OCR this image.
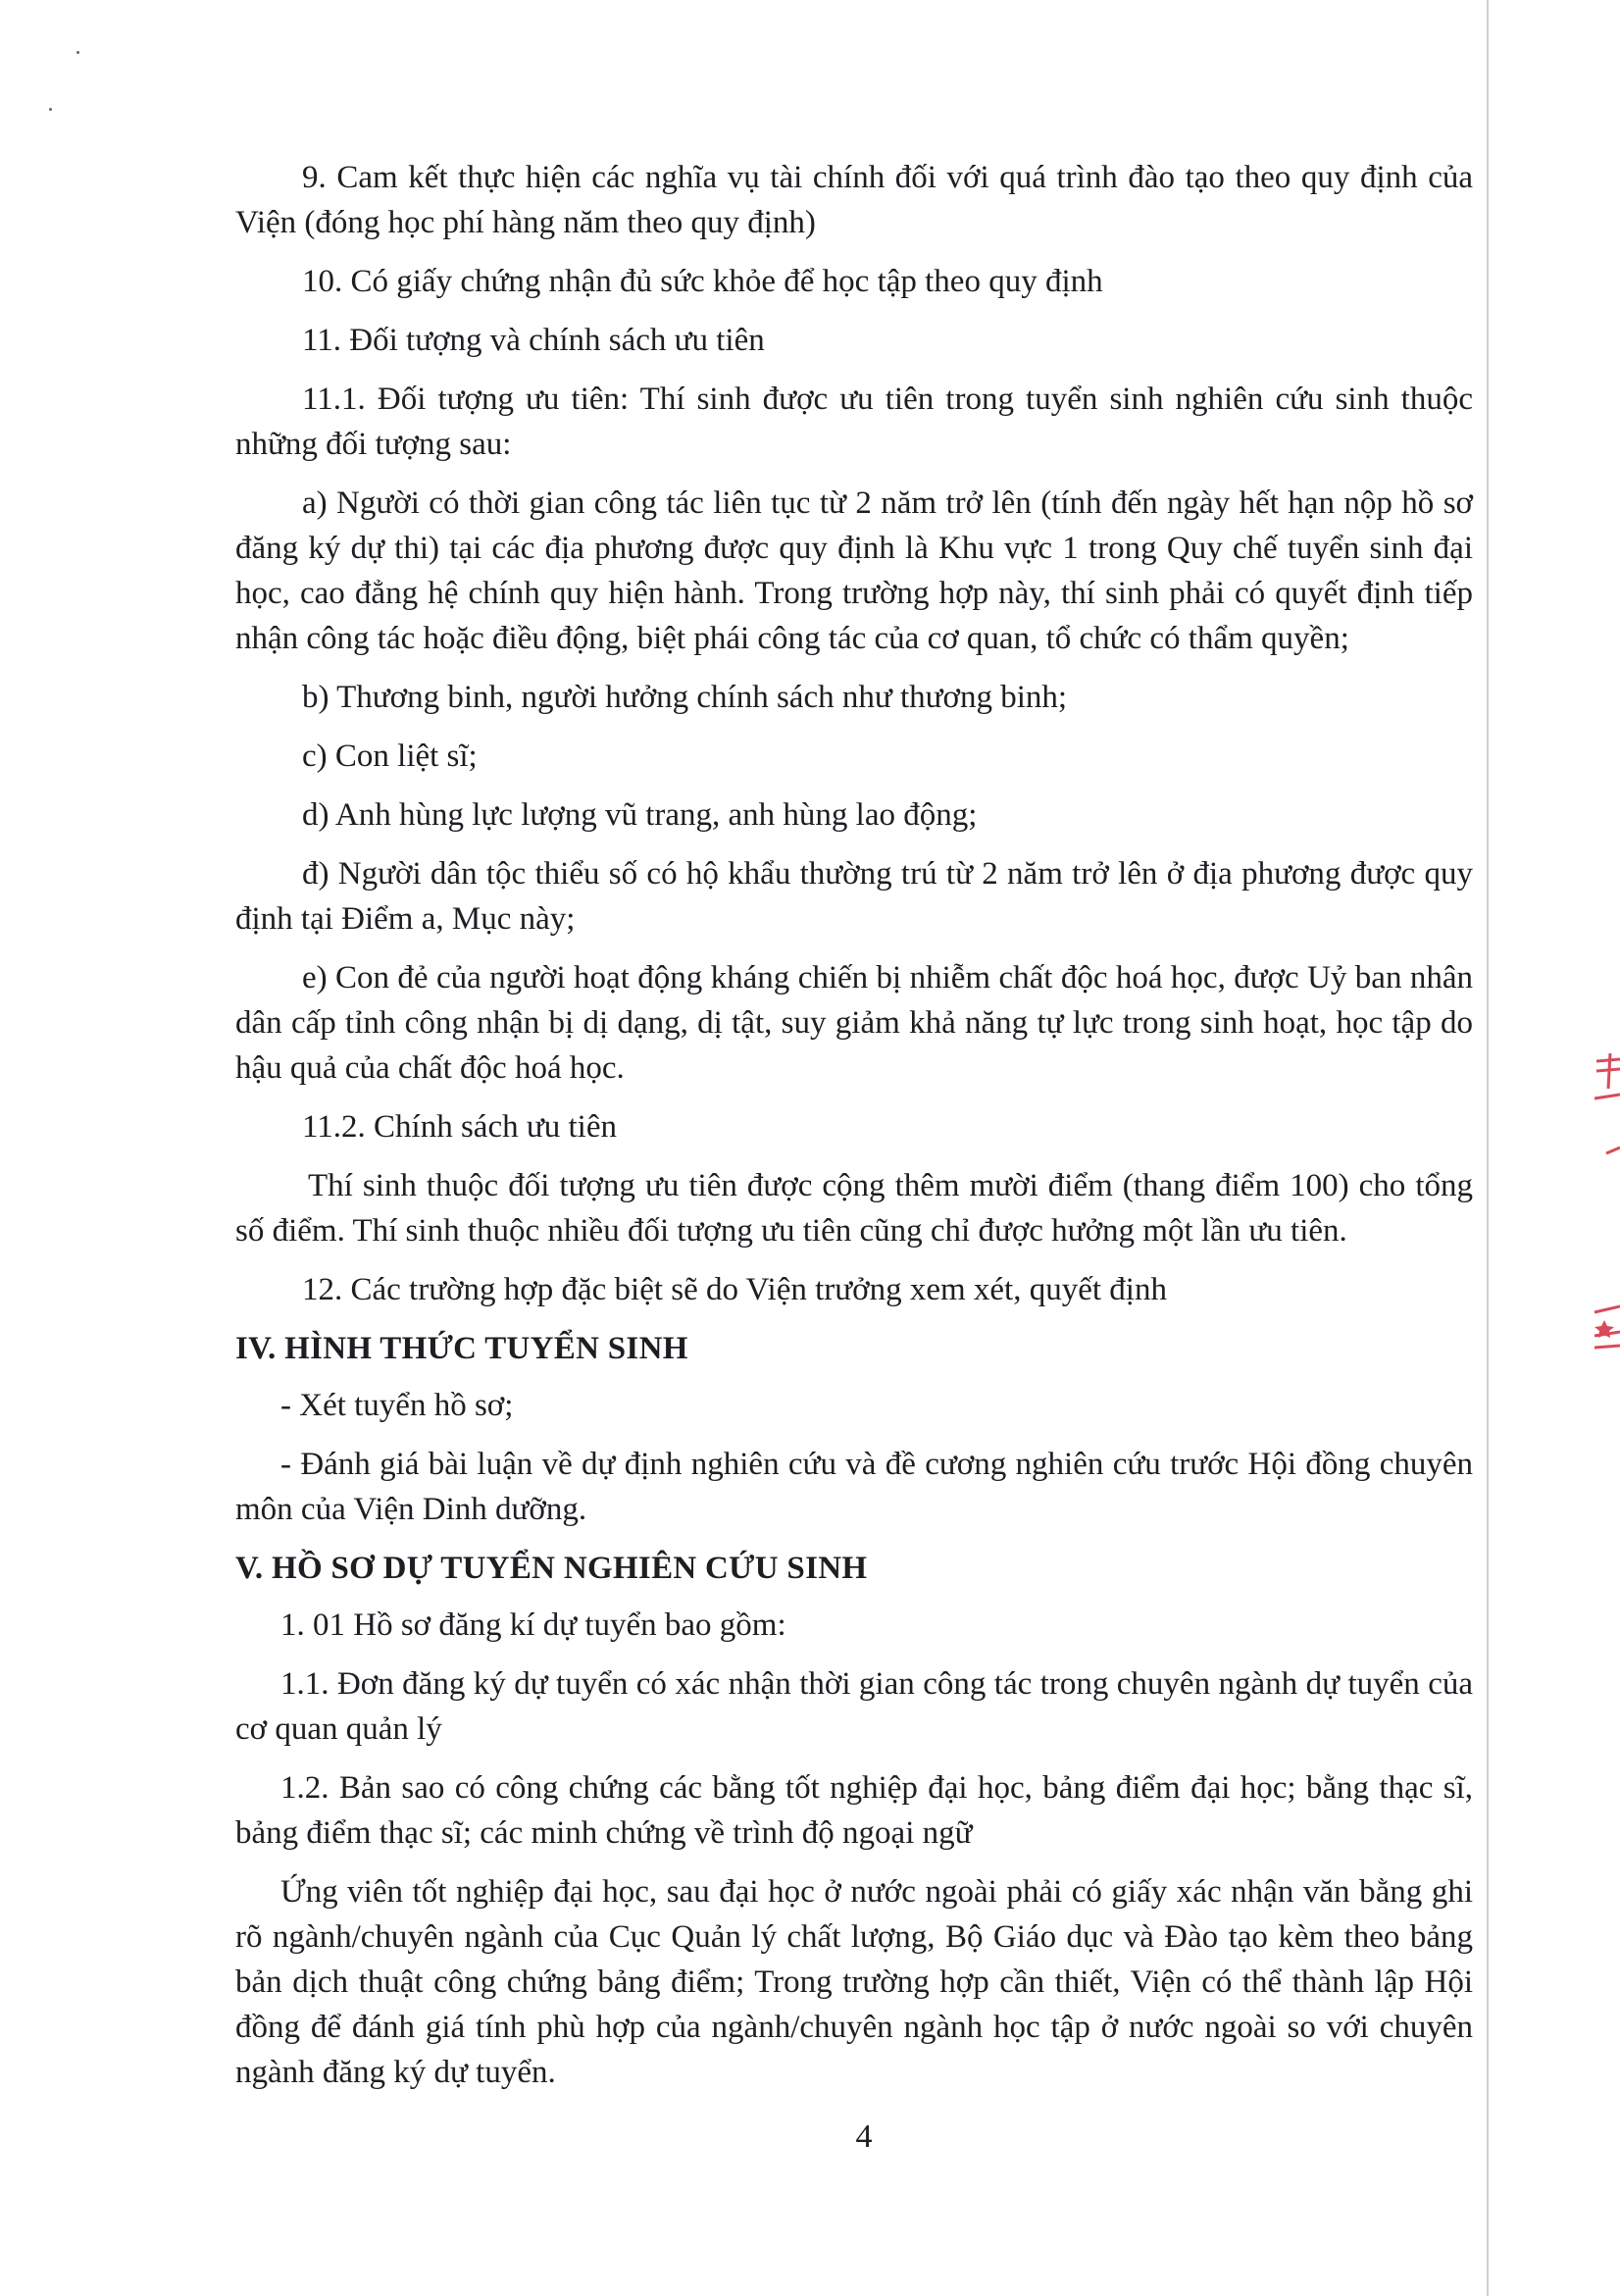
9. Cam kết thực hiện các nghĩa vụ tài chính đối với quá trình đào tạo theo quy định của Viện (đóng học phí hàng năm theo quy định)

10. Có giấy chứng nhận đủ sức khỏe để học tập theo quy định

11. Đối tượng và chính sách ưu tiên

11.1. Đối tượng ưu tiên: Thí sinh được ưu tiên trong tuyển sinh nghiên cứu sinh thuộc những đối tượng sau:

a) Người có thời gian công tác liên tục từ 2 năm trở lên (tính đến ngày hết hạn nộp hồ sơ đăng ký dự thi) tại các địa phương được quy định là Khu vực 1 trong Quy chế tuyển sinh đại học, cao đẳng hệ chính quy hiện hành. Trong trường hợp này, thí sinh phải có quyết định tiếp nhận công tác hoặc điều động, biệt phái công tác của cơ quan, tổ chức có thẩm quyền;

b) Thương binh, người hưởng chính sách như thương binh;

c) Con liệt sĩ;

d) Anh hùng lực lượng vũ trang, anh hùng lao động;

đ) Người dân tộc thiểu số có hộ khẩu thường trú từ 2 năm trở lên ở địa phương được quy định tại Điểm a, Mục này;

e) Con đẻ của người hoạt động kháng chiến bị nhiễm chất độc hoá học, được Uỷ ban nhân dân cấp tỉnh công nhận bị dị dạng, dị tật, suy giảm khả năng tự lực trong sinh hoạt, học tập do hậu quả của chất độc hoá học.

11.2. Chính sách ưu tiên

Thí sinh thuộc đối tượng ưu tiên được cộng thêm mười điểm (thang điểm 100) cho tổng số điểm. Thí sinh thuộc nhiều đối tượng ưu tiên cũng chỉ được hưởng một lần ưu tiên.

12. Các trường hợp đặc biệt sẽ do Viện trưởng xem xét, quyết định

IV. HÌNH THỨC TUYỂN SINH

- Xét tuyển hồ sơ;

- Đánh giá bài luận về dự định nghiên cứu và đề cương nghiên cứu trước Hội đồng chuyên môn của Viện Dinh dưỡng.

V. HỒ SƠ DỰ TUYỂN NGHIÊN CỨU SINH

1. 01 Hồ sơ đăng kí dự tuyển bao gồm:

1.1. Đơn đăng ký dự tuyển có xác nhận thời gian công tác trong chuyên ngành dự tuyển của cơ quan quản lý

1.2. Bản sao có công chứng các bằng tốt nghiệp đại học, bảng điểm đại học; bằng thạc sĩ, bảng điểm thạc sĩ; các minh chứng về trình độ ngoại ngữ

Ứng viên tốt nghiệp đại học, sau đại học ở nước ngoài phải có giấy xác nhận văn bằng ghi rõ ngành/chuyên ngành của Cục Quản lý chất lượng, Bộ Giáo dục và Đào tạo kèm theo bảng bản dịch thuật công chứng bảng điểm; Trong trường hợp cần thiết, Viện có thể thành lập Hội đồng để đánh giá tính phù hợp của ngành/chuyên ngành học tập ở nước ngoài so với chuyên ngành đăng ký dự tuyển.

4
